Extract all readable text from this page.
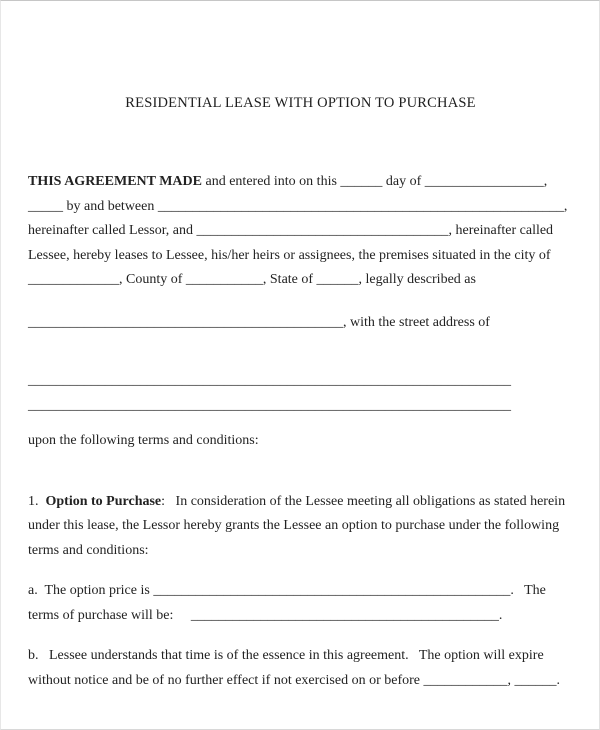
RESIDENTIAL LEASE WITH OPTION TO PURCHASE
THIS AGREEMENT MADE and entered into on this ______ day of _________________,
_____ by and between __________________________________________________________,
hereinafter called Lessor, and ____________________________________, hereinafter called
Lessee, hereby leases to Lessee, his/her heirs or assignees, the premises situated in the city of
_____________, County of ___________, State of ______, legally described as
_____________________________________________, with the street address of
_____________________________________________________________________
_____________________________________________________________________
upon the following terms and conditions:
1.  Option to Purchase:   In consideration of the Lessee meeting all obligations as stated herein
under this lease, the Lessor hereby grants the Lessee an option to purchase under the following
terms and conditions:
a.  The option price is ___________________________________________________.   The
terms of purchase will be:     ____________________________________________.
b.   Lessee understands that time is of the essence in this agreement.   The option will expire
without notice and be of no further effect if not exercised on or before ____________, ______.
